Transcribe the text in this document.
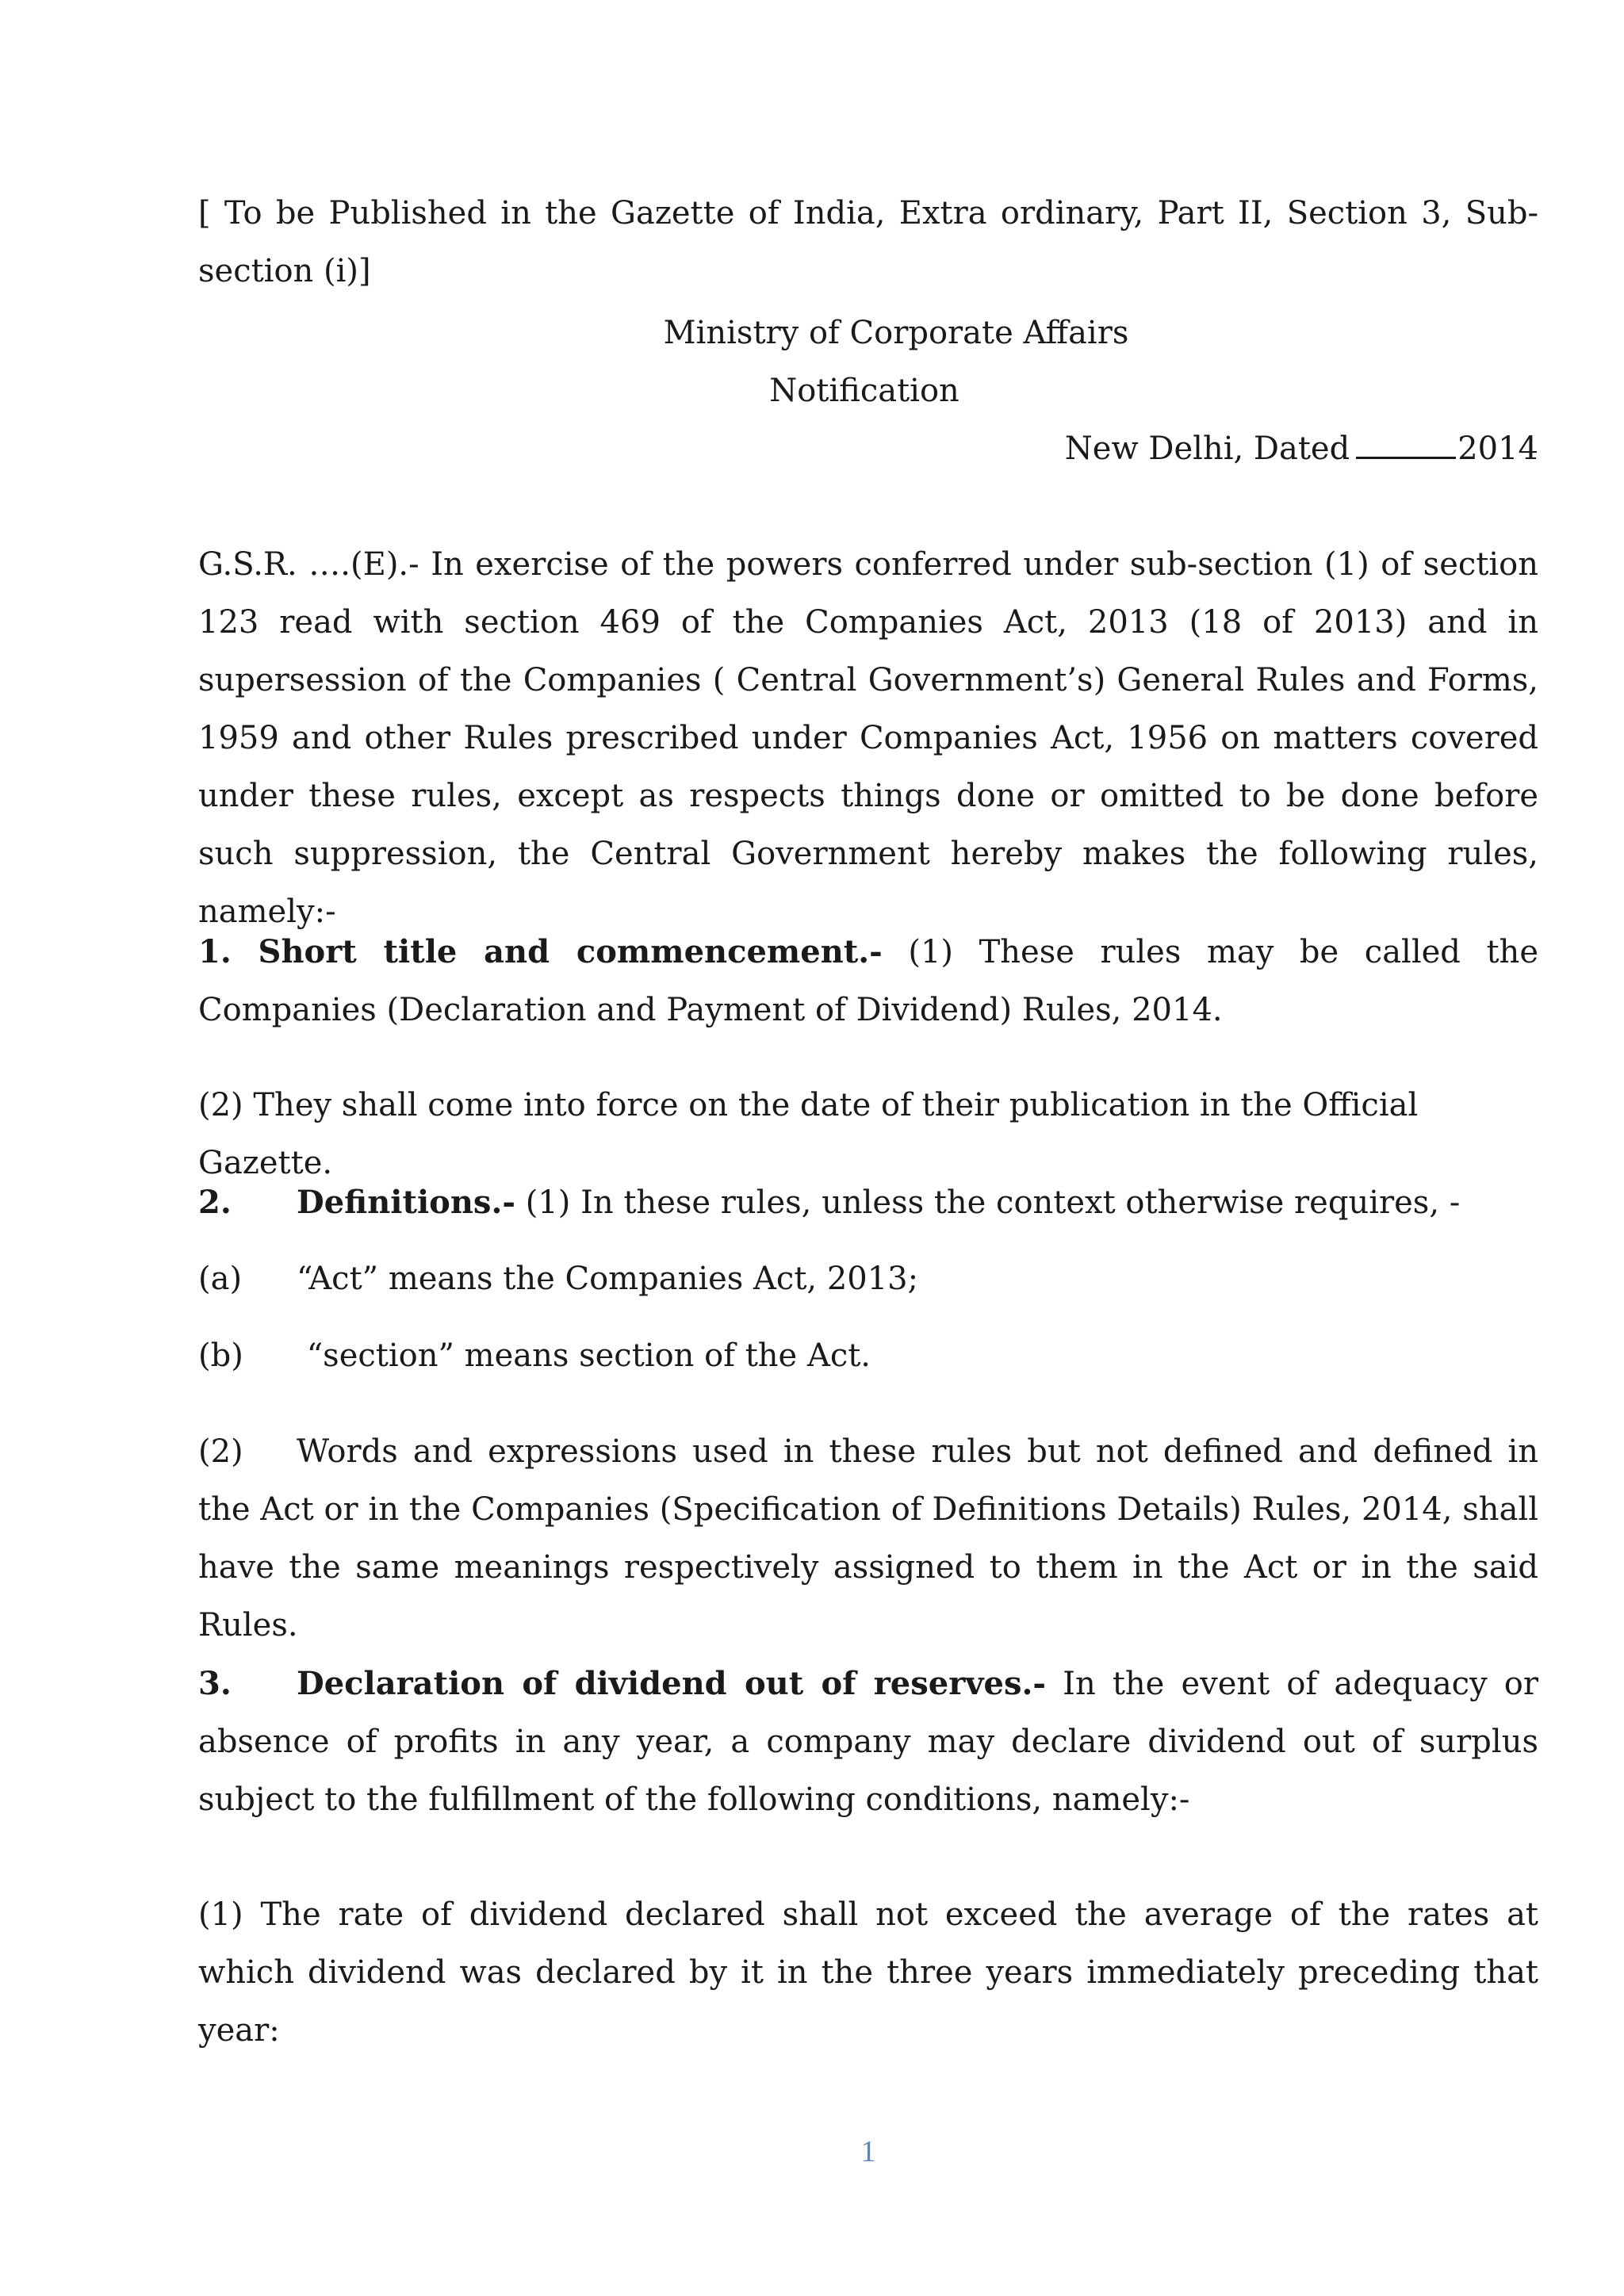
[ To be Published in the Gazette of India, Extra ordinary, Part II, Section 3, Sub-section (i)]
Ministry of Corporate Affairs
Notification
New Delhi, Dated	2014
G.S.R. ….(E).- In exercise of the powers conferred under sub-section (1) of section 123 read with section 469 of the Companies Act, 2013 (18 of 2013) and in supersession of the Companies ( Central Government’s) General Rules and Forms, 1959 and other Rules prescribed under Companies Act, 1956 on matters covered under these rules, except as respects things done or omitted to be done before such suppression, the Central Government hereby makes the following rules, namely:-
1. Short title and commencement.- (1) These rules may be called the Companies (Declaration and Payment of Dividend) Rules, 2014.
(2) They shall come into force on the date of their publication in the Official Gazette.
2. Definitions.- (1) In these rules, unless the context otherwise requires, -
(a) “Act” means the Companies Act, 2013;
(b) “section” means section of the Act.
(2) Words and expressions used in these rules but not defined and defined in the Act or in the Companies (Specification of Definitions Details) Rules, 2014, shall have the same meanings respectively assigned to them in the Act or in the said Rules.
3. Declaration of dividend out of reserves.- In the event of adequacy or absence of profits in any year, a company may declare dividend out of surplus subject to the fulfillment of the following conditions, namely:-
(1) The rate of dividend declared shall not exceed the average of the rates at which dividend was declared by it in the three years immediately preceding that year:
1
